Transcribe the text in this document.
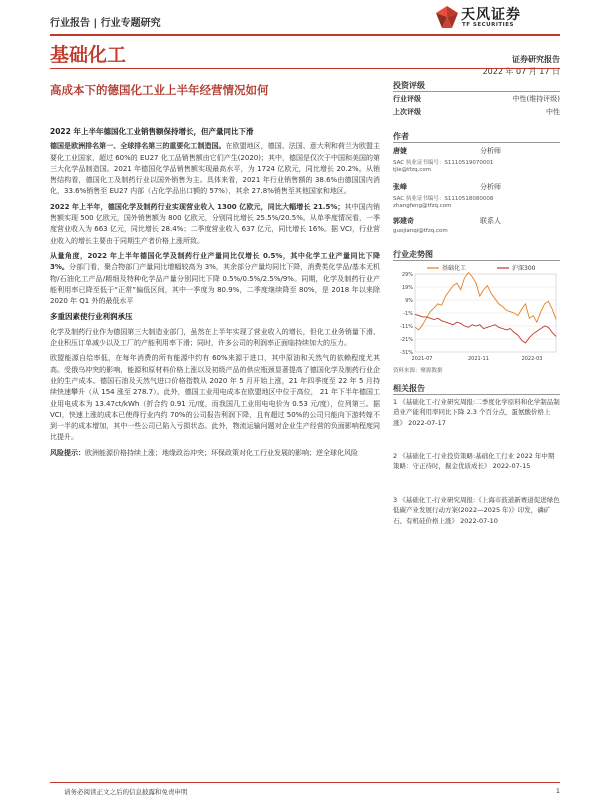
行业报告 | 行业专题研究
天风证券
TF SECURITIES
基础化工	证券研究报告
2022 年 07 月 17 日
高成本下的德国化工业上半年经营情况如何	投资评级
行业评级	中性(维持评级)
上次评级	中性
作者
唐婕	分析师
SAC 执业证书编号：S1110519070001
tjie@tfzq.com
张峰	分析师
SAC 执业证书编号：S1110518080008
zhangfeng@tfzq.com
郭建奇	联系人
guojianqi@tfzq.com
行业走势图
29%
19%
9%
-1%
-11%
-21%
-31%
2021-07	2021-11	2022-03
基础化工	沪深300
资料来源：聚源数据
相关报告
1 《基础化工-行业研究周报:二季度化学原料和化学制品制造业产能利用率同比下降 2.3 个百分点，蛋氨酸价格上涨》 2022-07-17
2 《基础化工-行业投资策略:基础化工行业 2022 年中期策略：守正待时，掘金优质成长》 2022-07-15
3 《基础化工-行业研究周报:《上海市鼓道新赛道促进绿色低碳产业发展行动方案(2022—2025 年)》印发，磷矿石、有机硅价格上涨》 2022-07-10

2022 年上半年德国化工业销售额保持增长，但产量同比下滑

德国是欧洲排名第一、全球排名第三的重要化工制造国。在欧盟地区，德国、法国、意大利和荷兰为欧盟主要化工业国家，超过 60%的 EU27 化工品销售额由它们产生(2020)；其中，德国是仅次于中国和美国的第三大化学品制造国。2021 年德国化学品销售额实现最高水平，为 1724 亿欧元，同比增长 20.2%。从销售结构看，德国化工及制药行业以国外销售为主。具体来看，2021 年行业销售额的 38.6%由德国国内消化，33.6%销售至 EU27 内部（占化学品出口额的 57%），其余 27.8%销售至其他国家和地区。

2022 年上半年，德国化学及制药行业实现营业收入 1300 亿欧元，同比大幅增长 21.5%；其中国内销售额实现 500 亿欧元，国外销售额为 800 亿欧元，分别同比增长 25.5%/20.5%。从单季度情况看，一季度营业收入为 663 亿元，同比增长 28.4%；二季度营业收入 637 亿元，同比增长 16%。据 VCI，行业营业收入的增长主要由于同期生产者价格上涨所致。

从量角度，2022 年上半年德国化学及制药行业产量同比仅增长 0.5%，其中化学工业产量同比下降 3%。分部门看，聚合物部门产量同比增幅较高为 3%，其余部分产量均同比下降，消费类化学品/基本无机物/石油化工产品/精细及特种化学品产量分别同比下降 0.5%/0.5%/2.5%/9%。同期，化学及制药行业产能利用率已降至低于“正常”偏低区间，其中一季度为 80.9%，二季度继续降至 80%，是 2018 年以来除 2020 年 Q1 外的最低水平

多重因素使行业利润承压

化学及制药行业作为德国第三大制造业部门，虽然在上半年实现了营业收入的增长，但化工业务销量下滑、企业积压订单减少以及工厂的产能利用率下滑；同时，许多公司的利润率正面临持续加大的压力。

欧盟能源自给率低，在每年消费的所有能源中约有 60%来源于进口，其中原油和天然气的依赖程度尤其高。受俄乌冲突的影响，能源和原材料价格上涨以及初级产品的供应瓶颈显著提高了德国化学及制药行业企业的生产成本。德国石油及天然气进口价格指数从 2020 年 5 月开始上涨，21 年四季度至 22 年 5 月持续快速攀升（从 154 涨至 278.7）。此外，德国工业用电成本在欧盟地区中位于高位， 21 年下半年德国工业用电成本为 13.47ct/kWh（折合约 0.91 元/度，而我国几工业用电电价为 0.53 元/度），位列第三。据 VCI，快速上涨的成本已使得行业内约 70%的公司报告利润下降，且有超过 50%的公司只能向下游转嫁不到一半的成本增加，其中一些公司已陷入亏损状态。此外，物流运输问题对企业生产经营的负面影响程度同比提升。

风险提示：欧洲能源价格持续上涨；地缘政治冲突；环保政策对化工行业发展的影响；逆全球化风险

请务必阅读正文之后的信息披露和免责申明	1
